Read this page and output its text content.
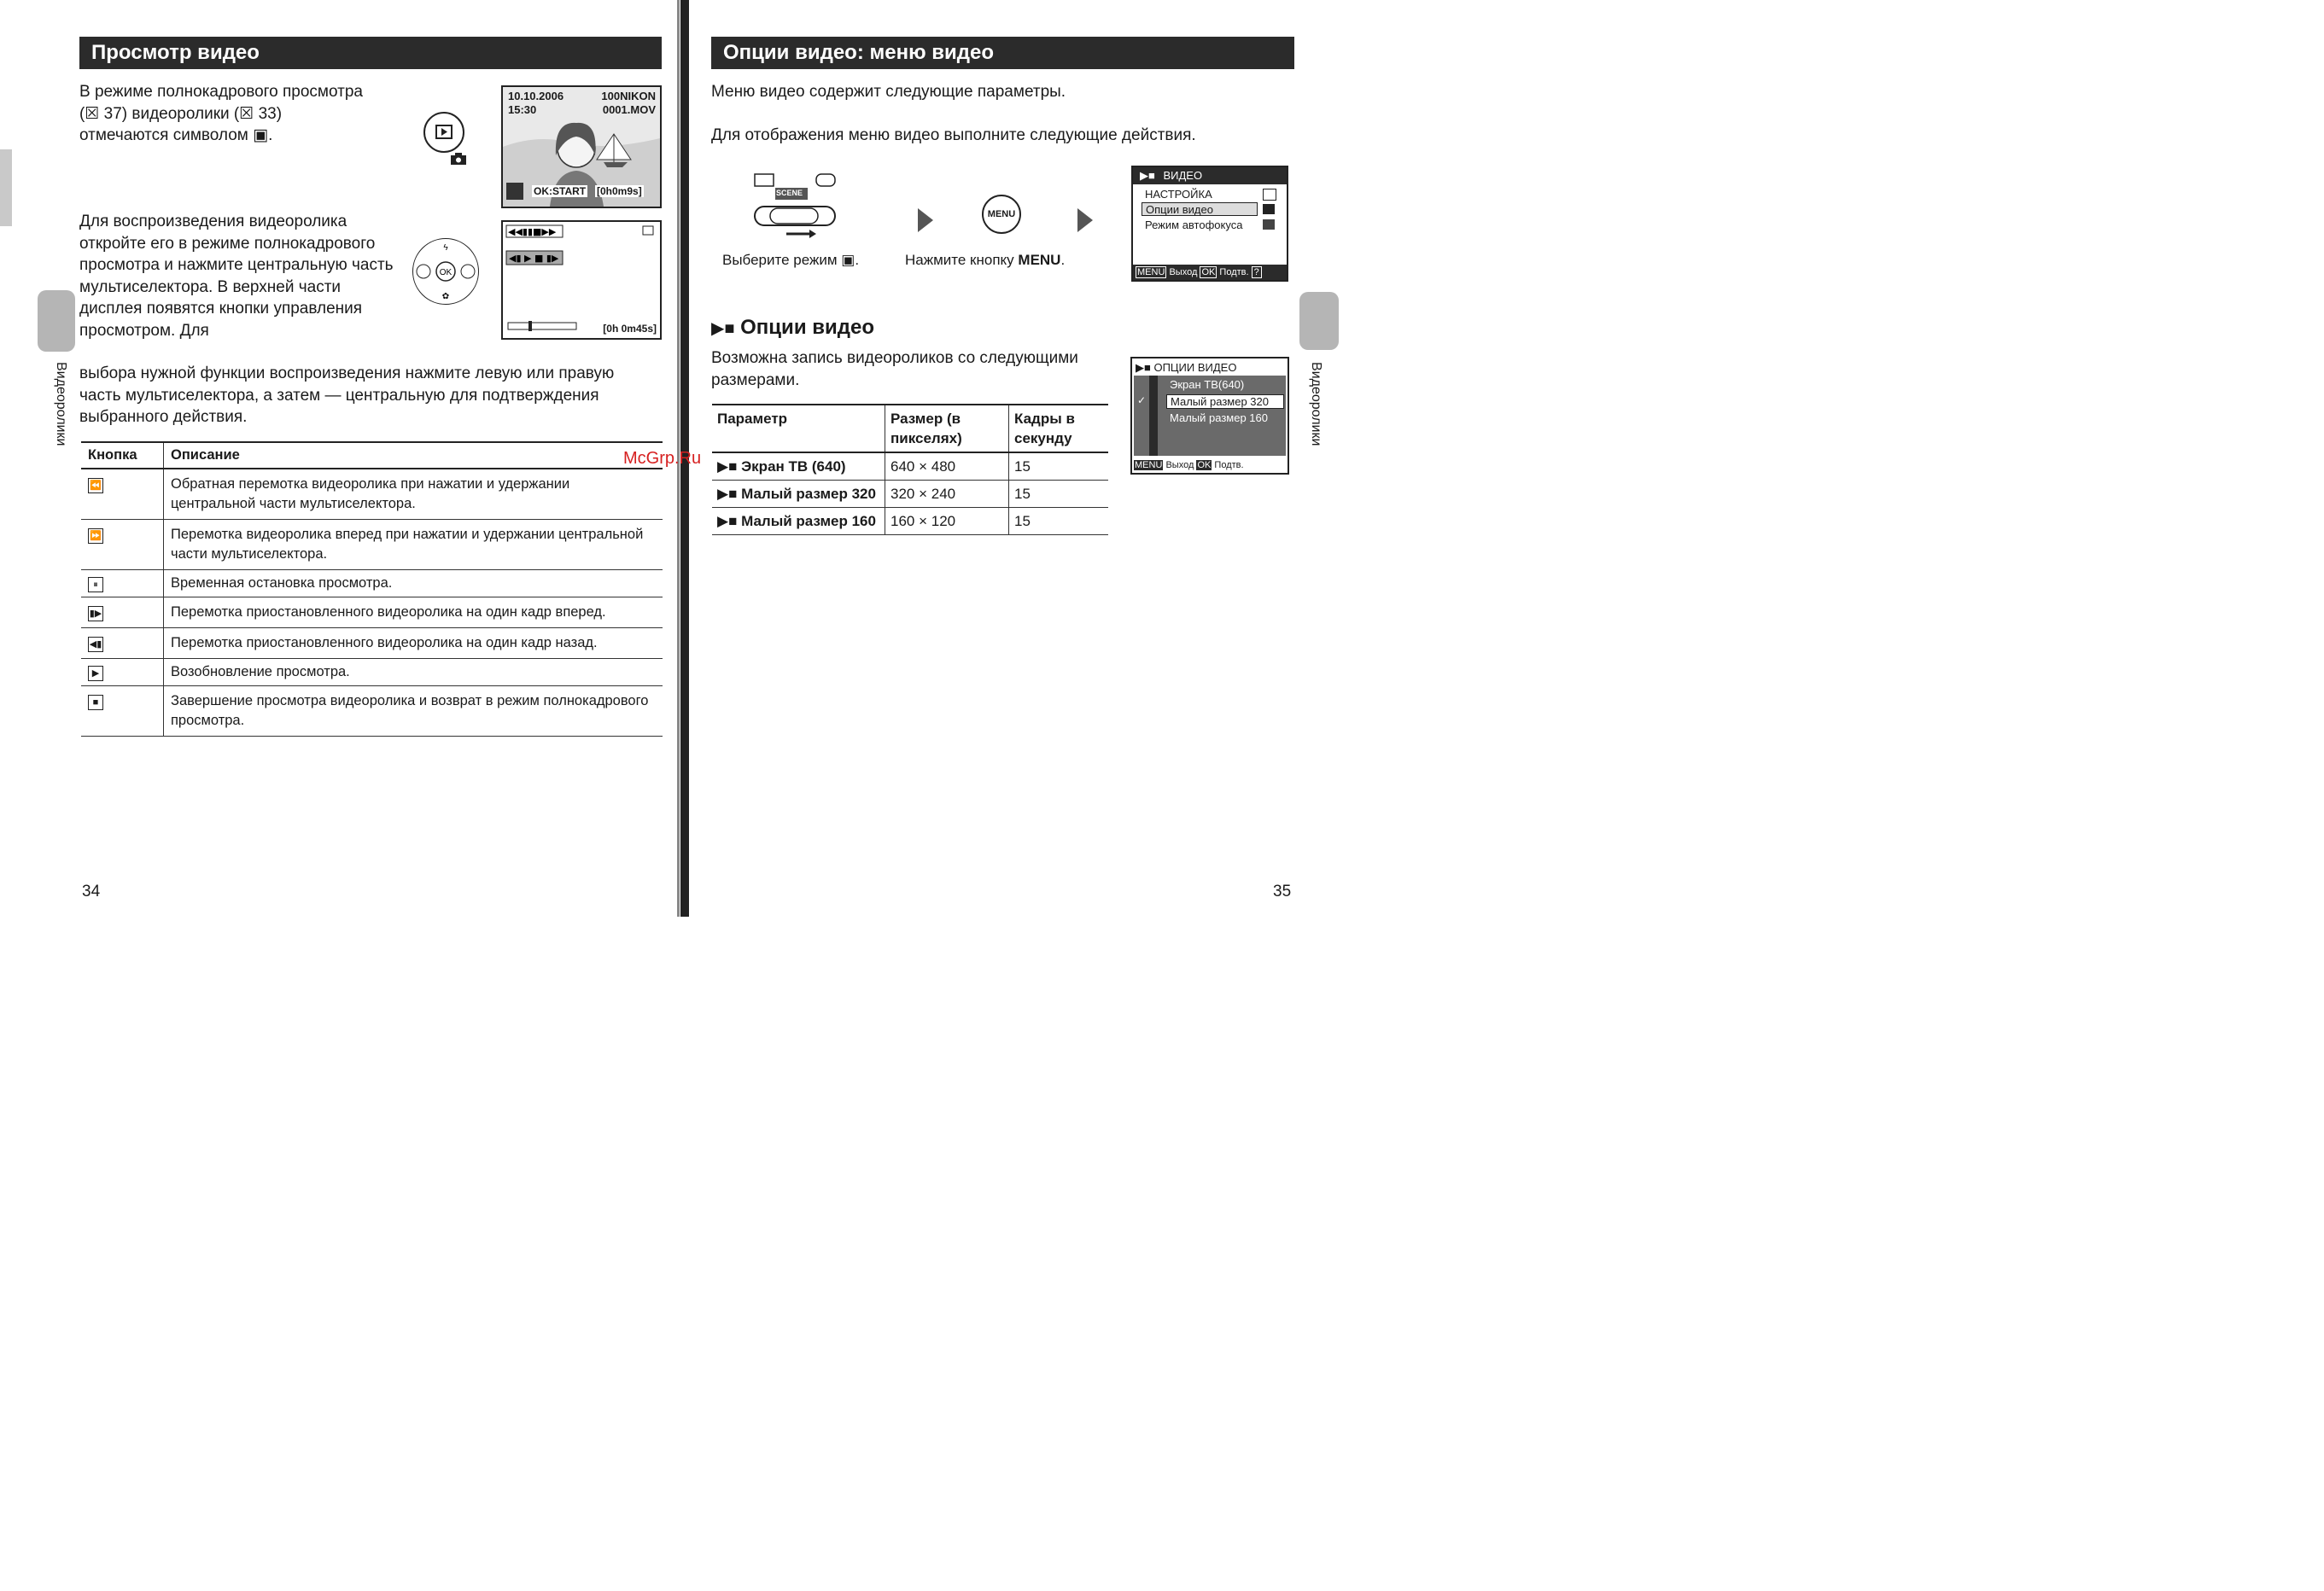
Видеоролики
Просмотр видео
В режиме полнокадрового просмотра (☒ 37) видеоролики (☒ 33) отмечаются символом ▣.
10.10.2006
15:30
100NIKON
0001.MOV
OK:START [0h0m9s]
Для воспроизведения видеоролика откройте его в режиме полнокадрового просмотра и нажмите центральную часть мультиселектора. В верхней части дисплея появятся кнопки управления просмотром. Для
OK
ϟ
✿
◀◀▮▮■▶▶
◀▮ ▶ ■ ▮▶
[0h 0m45s]
выбора нужной функции воспроизведения нажмите левую или правую часть мультиселектора, а затем — центральную для подтверждения выбранного действия.
Кнопка	Описание
⏪	Обратная перемотка видеоролика при нажатии и удержании центральной части мультиселектора.
⏩	Перемотка видеоролика вперед при нажатии и удержании центральной части мультиселектора.
⏸	Временная остановка просмотра.
▮▶	Перемотка приостановленного видеоролика на один кадр вперед.
◀▮	Перемотка приостановленного видеоролика на один кадр назад.
▶	Возобновление просмотра.
■	Завершение просмотра видеоролика и возврат в режим полнокадрового просмотра.
McGrp.Ru
34
Опции видео: меню видео
Меню видео содержит следующие параметры.
Для отображения меню видео выполните следующие действия.
SCENE
MENU
Выберите режим ▣.	Нажмите кнопку MENU.
▶■ ВИДЕО
НАСТРОЙКА
Опции видео
Режим автофокуса
MENU Выход OK Подтв. ? Справка
▶■ Опции видео
Возможна запись видеороликов со следующими размерами.
Параметр	Размер (в пикселях)	Кадры в секунду
▶■ Экран ТВ (640)	640 × 480	15
▶■ Малый размер 320	320 × 240	15
▶■ Малый размер 160	160 × 120	15
▶■ ОПЦИИ ВИДЕО
Экран ТВ(640)
Малый размер 320
✓
Малый размер 160
MENU Выход OK Подтв.
Видеоролики
35
